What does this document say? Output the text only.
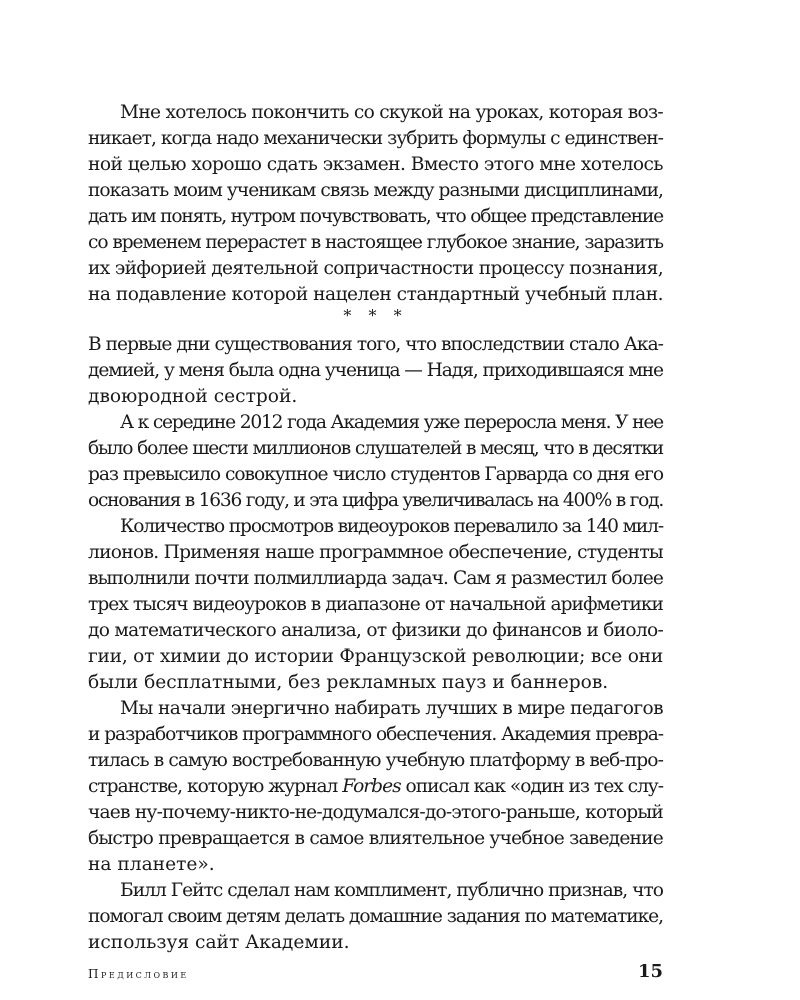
Мне хотелось покончить со скукой на уроках, которая воз-
никает, когда надо механически зубрить формулы с единствен-
ной целью хорошо сдать экзамен. Вместо этого мне хотелось
показать моим ученикам связь между разными дисциплинами,
дать им понять, нутром почувствовать, что общее представление
со временем перерастет в настоящее глубокое знание, заразить
их эйфорией деятельной сопричастности процессу познания,
на подавление которой нацелен стандартный учебный план.
* * *
В первые дни существования того, что впоследствии стало Ака-
демией, у меня была одна ученица — Надя, приходившаяся мне
двоюродной сестрой.
А к середине 2012 года Академия уже переросла меня. У нее
было более шести миллионов слушателей в месяц, что в десятки
раз превысило совокупное число студентов Гарварда со дня его
основания в 1636 году, и эта цифра увеличивалась на 400% в год.
Количество просмотров видеоуроков перевалило за 140 мил-
лионов. Применяя наше программное обеспечение, студенты
выполнили почти полмиллиарда задач. Сам я разместил более
трех тысяч видеоуроков в диапазоне от начальной арифметики
до математического анализа, от физики до финансов и биоло-
гии, от химии до истории Французской революции; все они
были бесплатными, без рекламных пауз и баннеров.
Мы начали энергично набирать лучших в мире педагогов
и разработчиков программного обеспечения. Академия превра-
тилась в самую востребованную учебную платформу в веб-про-
странстве, которую журнал Forbes описал как «один из тех слу-
чаев ну-почему-никто-не-додумался-до-этого-раньше, который
быстро превращается в самое влиятельное учебное заведение
на планете».
Билл Гейтс сделал нам комплимент, публично признав, что
помогал своим детям делать домашние задания по математике,
используя сайт Академии.
Предисловие	15
